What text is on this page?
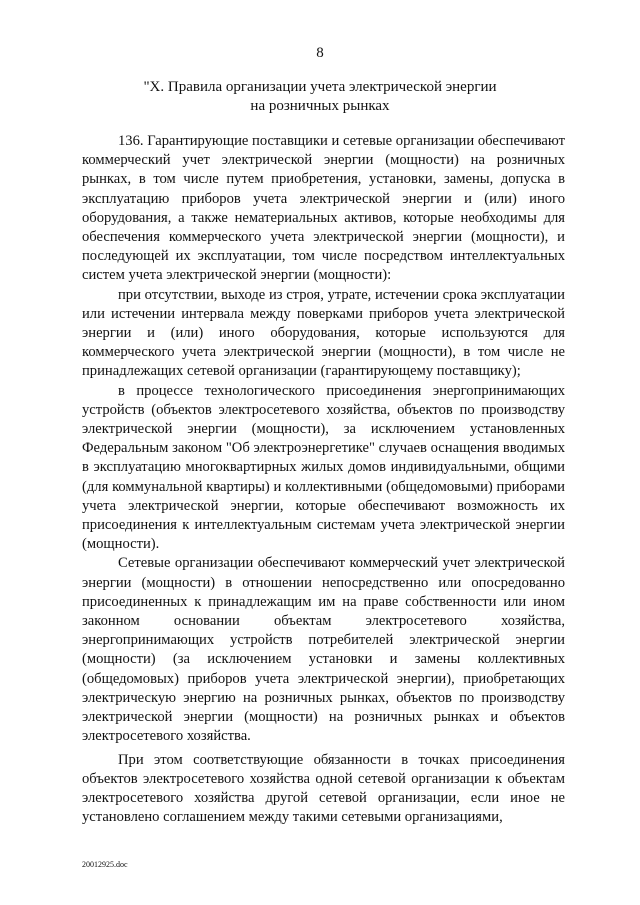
8
"X. Правила организации учета электрической энергии
на розничных рынках

136. Гарантирующие поставщики и сетевые организации обеспечивают коммерческий учет электрической энергии (мощности) на розничных рынках, в том числе путем приобретения, установки, замены, допуска в эксплуатацию приборов учета электрической энергии и (или) иного оборудования, а также нематериальных активов, которые необходимы для обеспечения коммерческого учета электрической энергии (мощности), и последующей их эксплуатации, том числе посредством интеллектуальных систем учета электрической энергии (мощности):

при отсутствии, выходе из строя, утрате, истечении срока эксплуатации или истечении интервала между поверками приборов учета электрической энергии и (или) иного оборудования, которые используются для коммерческого учета электрической энергии (мощности), в том числе не принадлежащих сетевой организации (гарантирующему поставщику);

в процессе технологического присоединения энергопринимающих устройств (объектов электросетевого хозяйства, объектов по производству электрической энергии (мощности), за исключением установленных Федеральным законом "Об электроэнергетике" случаев оснащения вводимых в эксплуатацию многоквартирных жилых домов индивидуальными, общими (для коммунальной квартиры) и коллективными (общедомовыми) приборами учета электрической энергии, которые обеспечивают возможность их присоединения к интеллектуальным системам учета электрической энергии (мощности).

Сетевые организации обеспечивают коммерческий учет электрической энергии (мощности) в отношении непосредственно или опосредованно присоединенных к принадлежащим им на праве собственности или ином законном основании объектам электросетевого хозяйства, энергопринимающих устройств потребителей электрической энергии (мощности) (за исключением установки и замены коллективных (общедомовых) приборов учета электрической энергии), приобретающих электрическую энергию на розничных рынках, объектов по производству электрической энергии (мощности) на розничных рынках и объектов электросетевого хозяйства.

При этом соответствующие обязанности в точках присоединения объектов электросетевого хозяйства одной сетевой организации к объектам электросетевого хозяйства другой сетевой организации, если иное не установлено соглашением между такими сетевыми организациями,

20012925.doc
